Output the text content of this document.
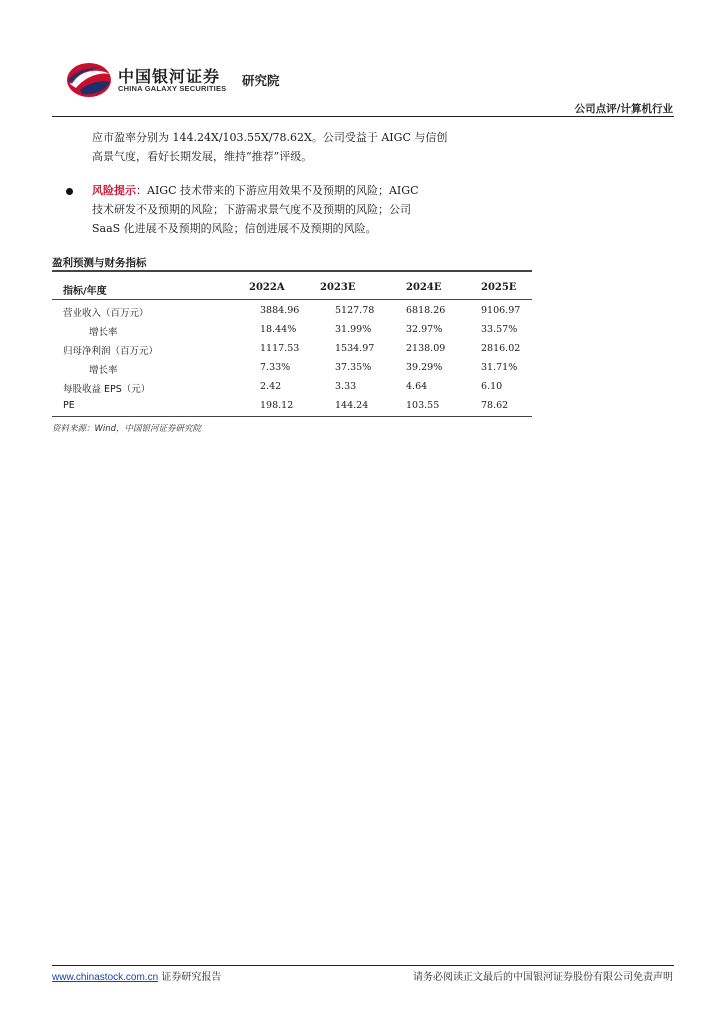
中国银河证券
CHINA GALAXY SECURITIES
研究院
公司点评/计算机行业
应市盈率分别为 144.24X/103.55X/78.62X。公司受益于 AIGC 与信创
高景气度，看好长期发展，维持“推荐”评级。
风险提示：AIGC 技术带来的下游应用效果不及预期的风险；AIGC
技术研发不及预期的风险；下游需求景气度不及预期的风险；公司
SaaS 化进展不及预期的风险；信创进展不及预期的风险。
盈利预测与财务指标
指标/年度	2022A	2023E	2024E	2025E
营业收入（百万元）	3884.96	5127.78	6818.26	9106.97
增长率	18.44%	31.99%	32.97%	33.57%
归母净利润（百万元）	1117.53	1534.97	2138.09	2816.02
增长率	7.33%	37.35%	39.29%	31.71%
每股收益 EPS（元）	2.42	3.33	4.64	6.10
PE	198.12	144.24	103.55	78.62
资料来源：Wind，中国银河证券研究院
www.chinastock.com.cn 证券研究报告	请务必阅读正文最后的中国银河证券股份有限公司免责声明
